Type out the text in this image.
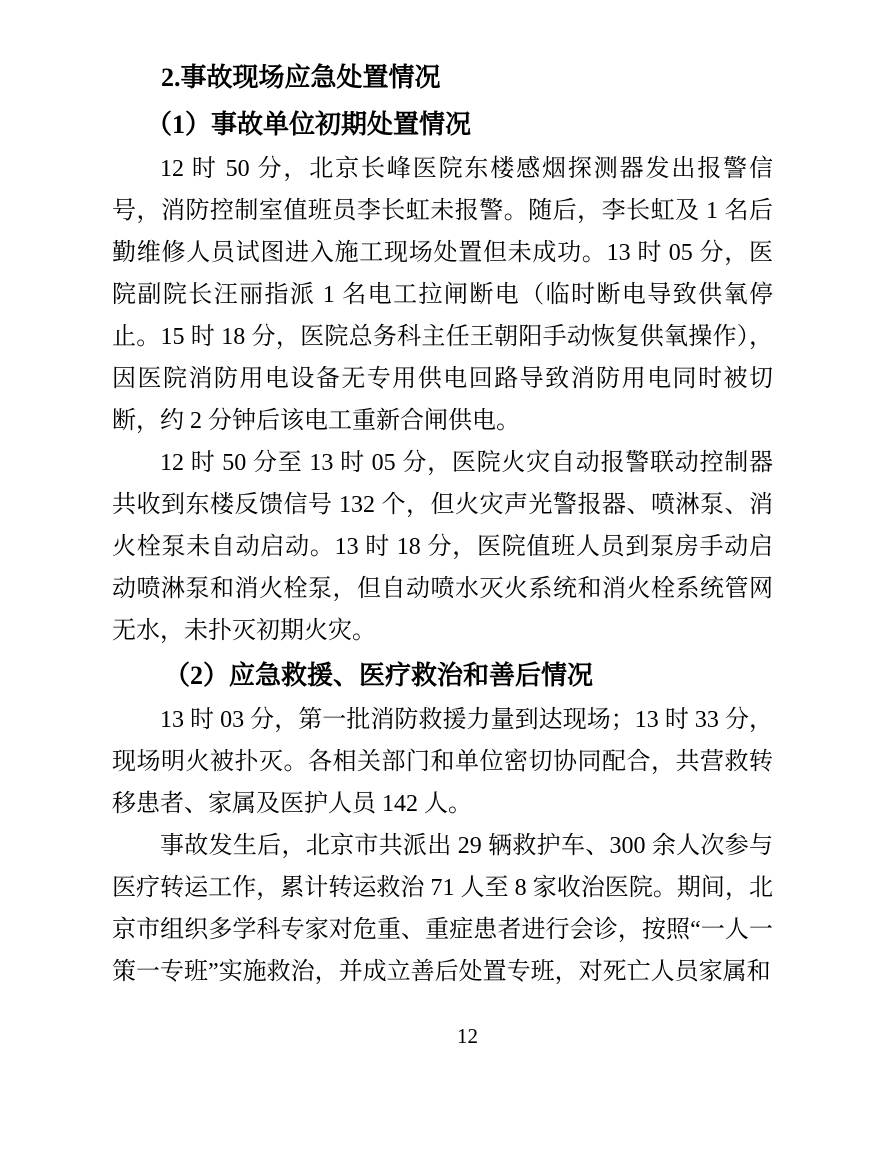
2.事故现场应急处置情况
（1）事故单位初期处置情况

12 时 50 分，北京长峰医院东楼感烟探测器发出报警信号，消防控制室值班员李长虹未报警。随后，李长虹及 1 名后勤维修人员试图进入施工现场处置但未成功。13 时 05 分，医院副院长汪丽指派 1 名电工拉闸断电（临时断电导致供氧停止。15 时 18 分，医院总务科主任王朝阳手动恢复供氧操作），因医院消防用电设备无专用供电回路导致消防用电同时被切断，约 2 分钟后该电工重新合闸供电。

12 时 50 分至 13 时 05 分，医院火灾自动报警联动控制器共收到东楼反馈信号 132 个，但火灾声光警报器、喷淋泵、消火栓泵未自动启动。13 时 18 分，医院值班人员到泵房手动启动喷淋泵和消火栓泵，但自动喷水灭火系统和消火栓系统管网无水，未扑灭初期火灾。

（2）应急救援、医疗救治和善后情况

13 时 03 分，第一批消防救援力量到达现场；13 时 33 分，现场明火被扑灭。各相关部门和单位密切协同配合，共营救转移患者、家属及医护人员 142 人。

事故发生后，北京市共派出 29 辆救护车、300 余人次参与医疗转运工作，累计转运救治 71 人至 8 家收治医院。期间，北京市组织多学科专家对危重、重症患者进行会诊，按照“一人一策一专班”实施救治，并成立善后处置专班，对死亡人员家属和

12
